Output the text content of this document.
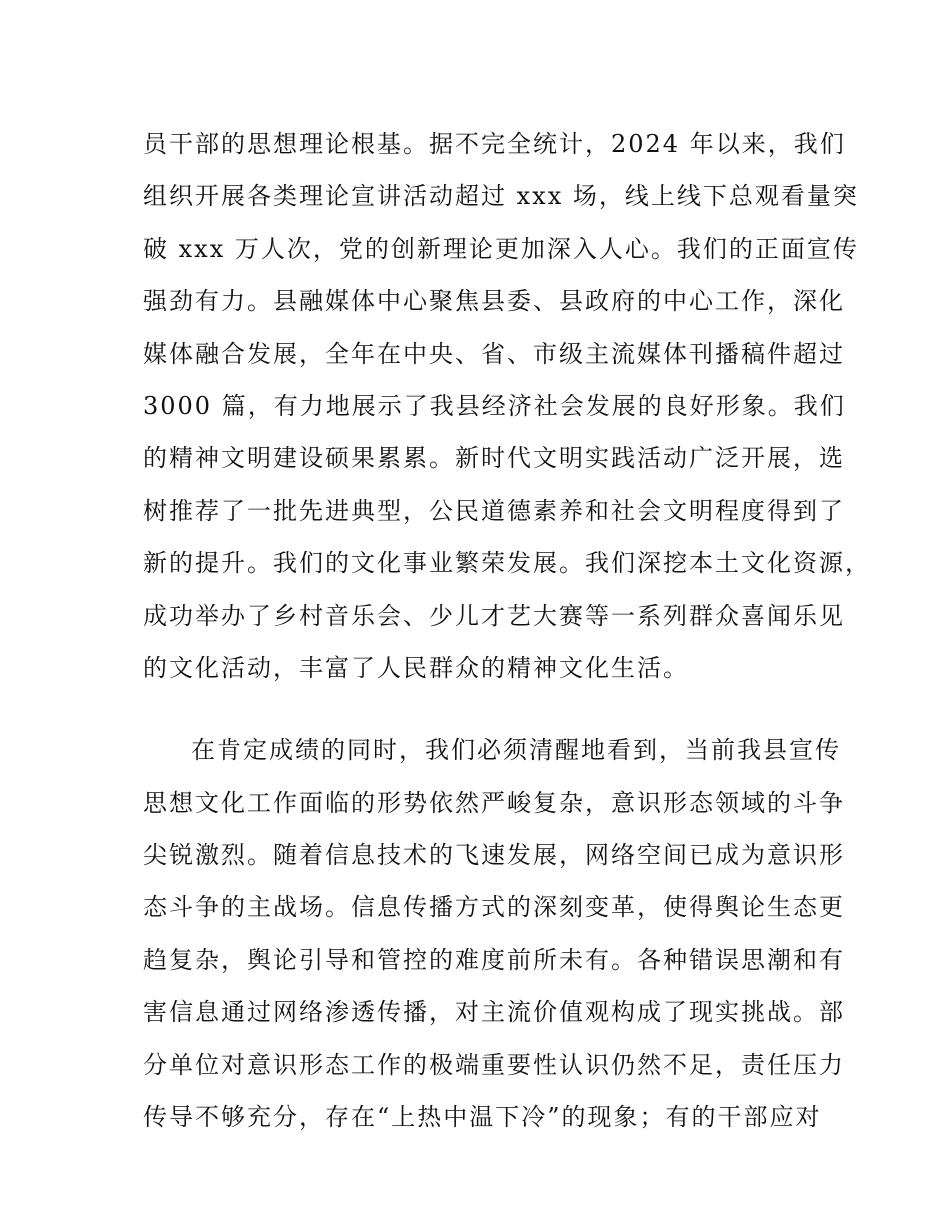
员干部的思想理论根基。据不完全统计，2024 年以来，我们
组织开展各类理论宣讲活动超过 xxx 场，线上线下总观看量突
破 xxx 万人次，党的创新理论更加深入人心。我们的正面宣传
强劲有力。县融媒体中心聚焦县委、县政府的中心工作，深化
媒体融合发展，全年在中央、省、市级主流媒体刊播稿件超过
3000 篇，有力地展示了我县经济社会发展的良好形象。我们
的精神文明建设硕果累累。新时代文明实践活动广泛开展，选
树推荐了一批先进典型，公民道德素养和社会文明程度得到了
新的提升。我们的文化事业繁荣发展。我们深挖本土文化资源，
成功举办了乡村音乐会、少儿才艺大赛等一系列群众喜闻乐见
的文化活动，丰富了人民群众的精神文化生活。
在肯定成绩的同时，我们必须清醒地看到，当前我县宣传
思想文化工作面临的形势依然严峻复杂，意识形态领域的斗争
尖锐激烈。随着信息技术的飞速发展，网络空间已成为意识形
态斗争的主战场。信息传播方式的深刻变革，使得舆论生态更
趋复杂，舆论引导和管控的难度前所未有。各种错误思潮和有
害信息通过网络渗透传播，对主流价值观构成了现实挑战。部
分单位对意识形态工作的极端重要性认识仍然不足，责任压力
传导不够充分，存在“上热中温下冷”的现象；有的干部应对
